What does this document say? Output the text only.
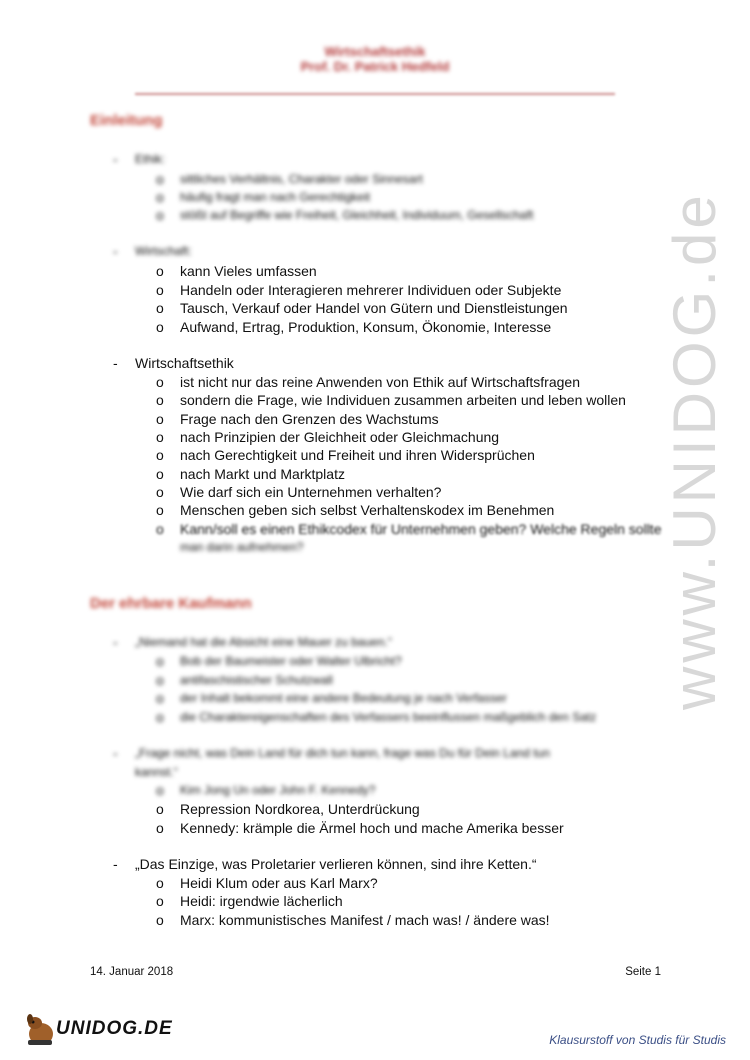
Wirtschaftsethik
Prof. Dr. Patrick Hedfeld
www.UNIDOG.de
Einleitung
- Ethik:
o sittliches Verhältnis, Charakter oder Sinnesart
o häufig fragt man nach Gerechtigkeit
o stößt auf Begriffe wie Freiheit, Gleichheit, Individuum, Gesellschaft
- Wirtschaft:
o kann Vieles umfassen
o Handeln oder Interagieren mehrerer Individuen oder Subjekte
o Tausch, Verkauf oder Handel von Gütern und Dienstleistungen
o Aufwand, Ertrag, Produktion, Konsum, Ökonomie, Interesse
- Wirtschaftsethik
o ist nicht nur das reine Anwenden von Ethik auf Wirtschaftsfragen
o sondern die Frage, wie Individuen zusammen arbeiten und leben wollen
o Frage nach den Grenzen des Wachstums
o nach Prinzipien der Gleichheit oder Gleichmachung
o nach Gerechtigkeit und Freiheit und ihren Widersprüchen
o nach Markt und Marktplatz
o Wie darf sich ein Unternehmen verhalten?
o Menschen geben sich selbst Verhaltenskodex im Benehmen
o Kann/soll es einen Ethikcodex für Unternehmen geben? Welche Regeln sollte
man darin aufnehmen?
Der ehrbare Kaufmann
- „Niemand hat die Absicht eine Mauer zu bauen.“
o Bob der Baumeister oder Walter Ulbricht?
o antifaschistischer Schutzwall
o der Inhalt bekommt eine andere Bedeutung je nach Verfasser
o die Charaktereigenschaften des Verfassers beeinflussen maßgeblich den Satz
- „Frage nicht, was Dein Land für dich tun kann, frage was Du für Dein Land tun
kannst.“
o Kim Jong Un oder John F. Kennedy?
o Repression Nordkorea, Unterdrückung
o Kennedy: krämple die Ärmel hoch und mache Amerika besser
- „Das Einzige, was Proletarier verlieren können, sind ihre Ketten.“
o Heidi Klum oder aus Karl Marx?
o Heidi: irgendwie lächerlich
o Marx: kommunistisches Manifest / mach was! / ändere was!
14. Januar 2018	Seite 1
UNIDOG.DE
Klausurstoff von Studis für Studis
